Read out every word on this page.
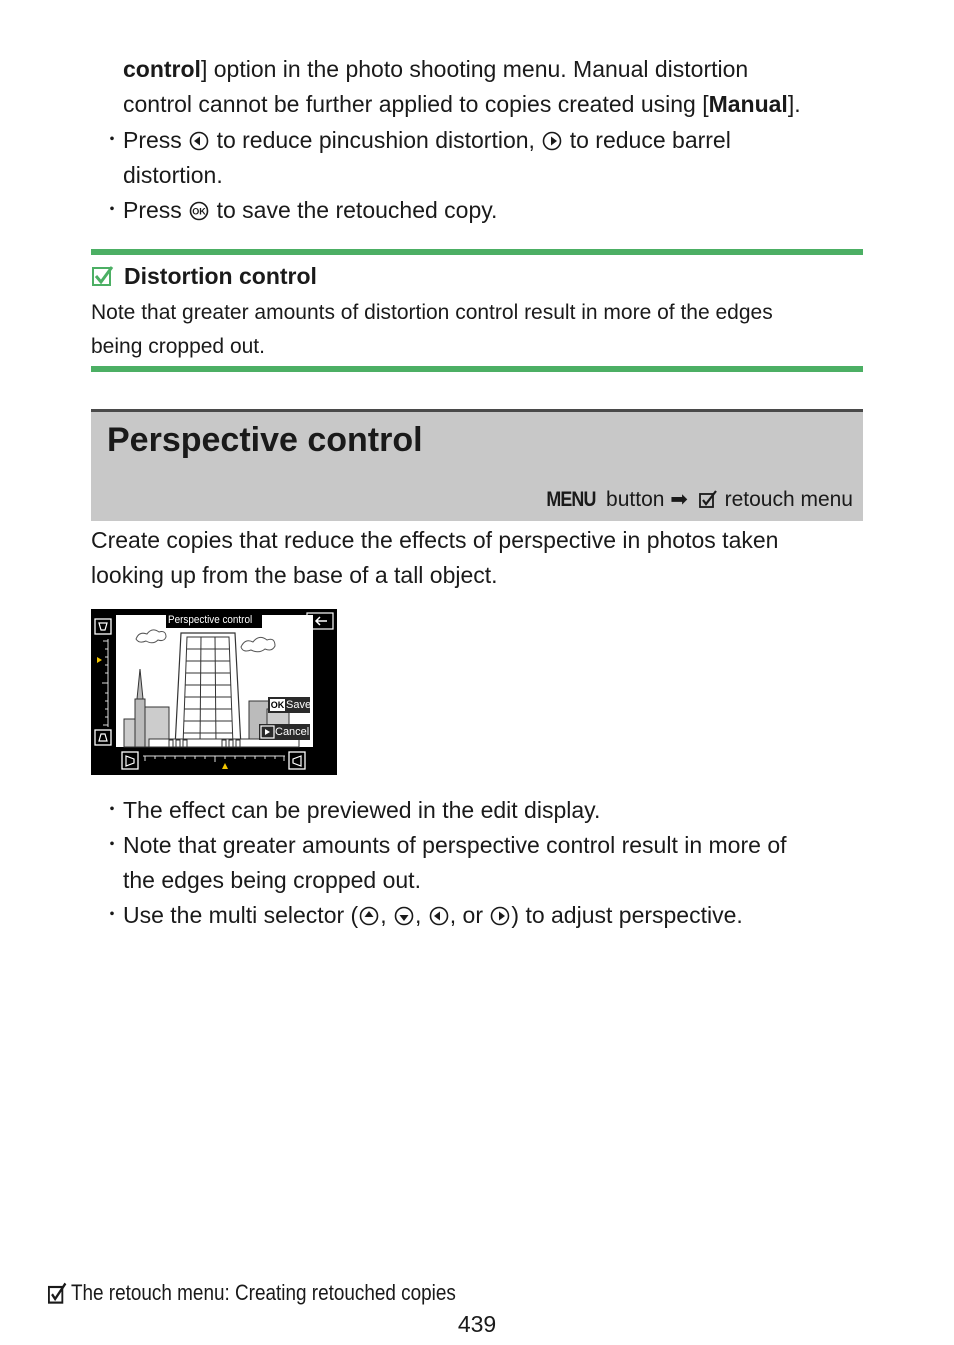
control] option in the photo shooting menu. Manual distortion
control cannot be further applied to copies created using [Manual].
・ Press to reduce pincushion distortion, to reduce barrel
distortion.
・ Press OK to save the retouched copy.
Distortion control
Note that greater amounts of distortion control result in more of the edges
being cropped out.
Perspective control
MENU button ➡ retouch menu
Create copies that reduce the effects of perspective in photos taken
looking up from the base of a tall object.
Perspective control
OK Save
Cancel
・ The effect can be previewed in the edit display.
・ Note that greater amounts of perspective control result in more of
the edges being cropped out.
・ Use the multi selector ( , , , or ) to adjust perspective.
The retouch menu: Creating retouched copies
439
